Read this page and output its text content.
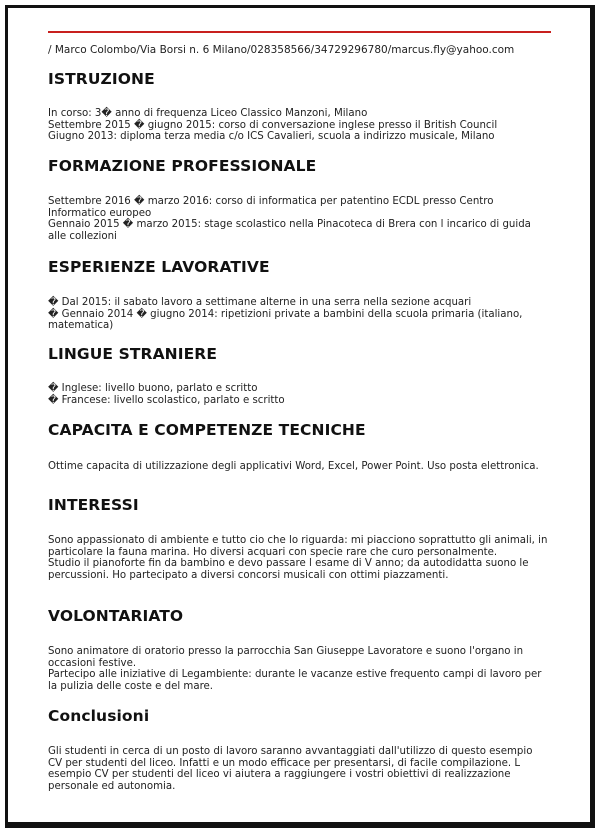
/ Marco Colombo/Via Borsi n. 6 Milano/028358566/34729296780/marcus.fly@yahoo.com
ISTRUZIONE

In corso: 3� anno di frequenza Liceo Classico Manzoni, Milano

Settembre 2015 � giugno 2015: corso di conversazione inglese presso il British Council

Giugno 2013: diploma terza media c/o ICS Cavalieri, scuola a indirizzo musicale, Milano

FORMAZIONE PROFESSIONALE

Settembre 2016 � marzo 2016: corso di informatica per patentino ECDL presso Centro Informatico europeo

Gennaio 2015 � marzo 2015: stage scolastico nella Pinacoteca di Brera con l incarico di guida alle collezioni

ESPERIENZE LAVORATIVE

� Dal 2015: il sabato lavoro a settimane alterne in una serra nella sezione acquari

� Gennaio 2014 � giugno 2014: ripetizioni private a bambini della scuola primaria (italiano, matematica)

LINGUE STRANIERE

� Inglese: livello buono, parlato e scritto

� Francese: livello scolastico, parlato e scritto

CAPACITA E COMPETENZE TECNICHE

Ottime capacita di utilizzazione degli applicativi Word, Excel, Power Point. Uso posta elettronica.

INTERESSI

Sono appassionato di ambiente e tutto cio che lo riguarda: mi piacciono soprattutto gli animali, in particolare la fauna marina. Ho diversi acquari con specie rare che curo personalmente.

Studio il pianoforte fin da bambino e devo passare l esame di V anno; da autodidatta suono le percussioni. Ho partecipato a diversi concorsi musicali con ottimi piazzamenti.

VOLONTARIATO

Sono animatore di oratorio presso la parrocchia San Giuseppe Lavoratore e suono l'organo in occasioni festive.

Partecipo alle iniziative di Legambiente: durante le vacanze estive frequento campi di lavoro per la pulizia delle coste e del mare.

Conclusioni

Gli studenti in cerca di un posto di lavoro saranno avvantaggiati dall'utilizzo di questo esempio CV per studenti del liceo. Infatti e un modo efficace per presentarsi, di facile compilazione. L esempio CV per studenti del liceo vi aiutera a raggiungere i vostri obiettivi di realizzazione personale ed autonomia.
